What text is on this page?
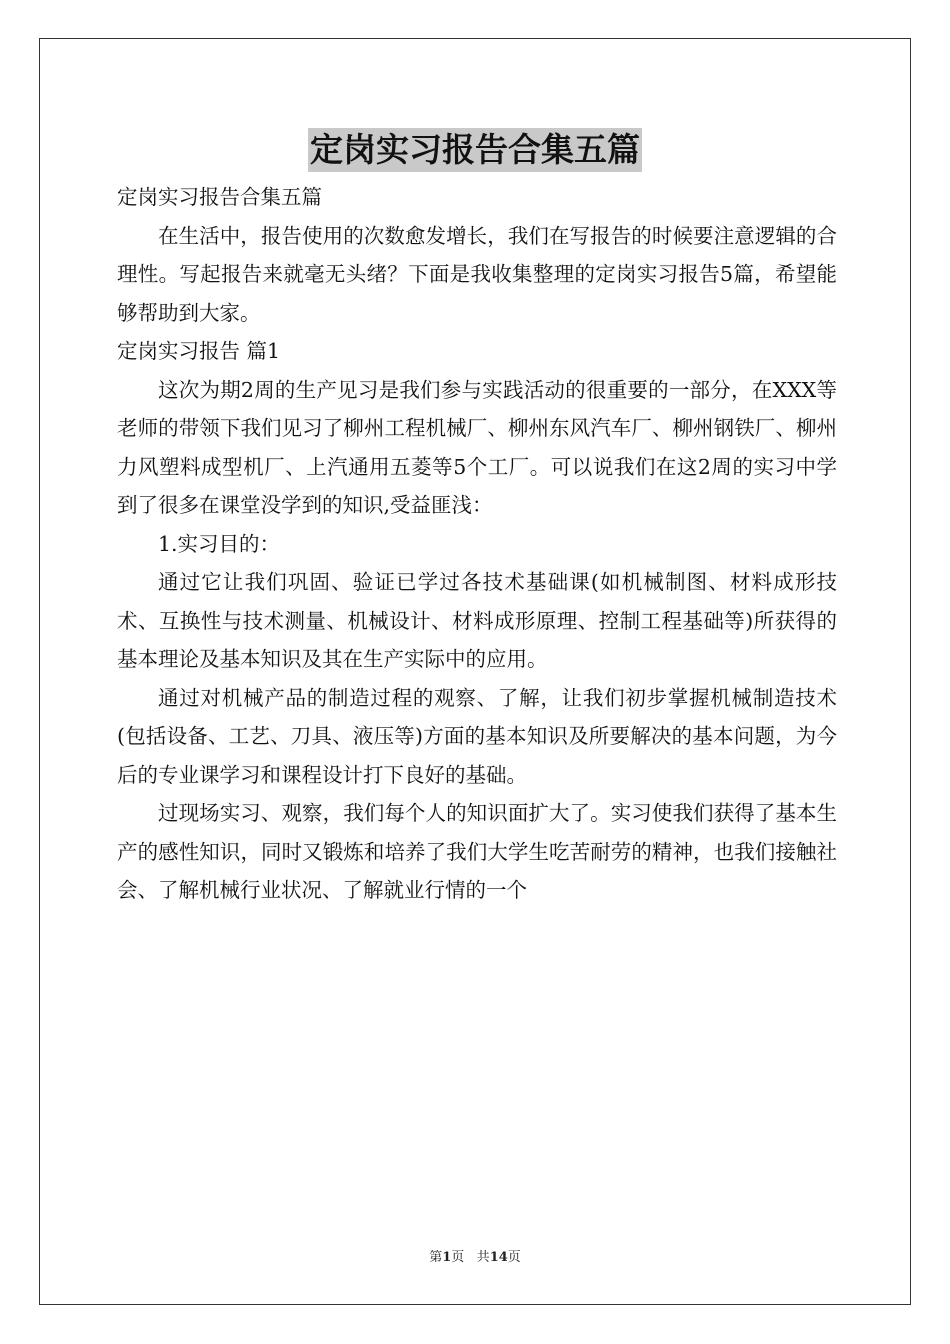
定岗实习报告合集五篇

定岗实习报告合集五篇

在生活中，报告使用的次数愈发增长，我们在写报告的时候要注意逻辑的合理性。写起报告来就毫无头绪？下面是我收集整理的定岗实习报告5篇，希望能够帮助到大家。

定岗实习报告 篇1

这次为期2周的生产见习是我们参与实践活动的很重要的一部分，在XXX等老师的带领下我们见习了柳州工程机械厂、柳州东风汽车厂、柳州钢铁厂、柳州力风塑料成型机厂、上汽通用五菱等5个工厂。可以说我们在这2周的实习中学到了很多在课堂没学到的知识,受益匪浅：

1.实习目的：

通过它让我们巩固、验证已学过各技术基础课(如机械制图、材料成形技术、互换性与技术测量、机械设计、材料成形原理、控制工程基础等)所获得的基本理论及基本知识及其在生产实际中的应用。

通过对机械产品的制造过程的观察、了解，让我们初步掌握机械制造技术(包括设备、工艺、刀具、液压等)方面的基本知识及所要解决的基本问题，为今后的专业课学习和课程设计打下良好的基础。

过现场实习、观察，我们每个人的知识面扩大了。实习使我们获得了基本生产的感性知识，同时又锻炼和培养了我们大学生吃苦耐劳的精神，也我们接触社会、了解机械行业状况、了解就业行情的一个

第1页 共14页
